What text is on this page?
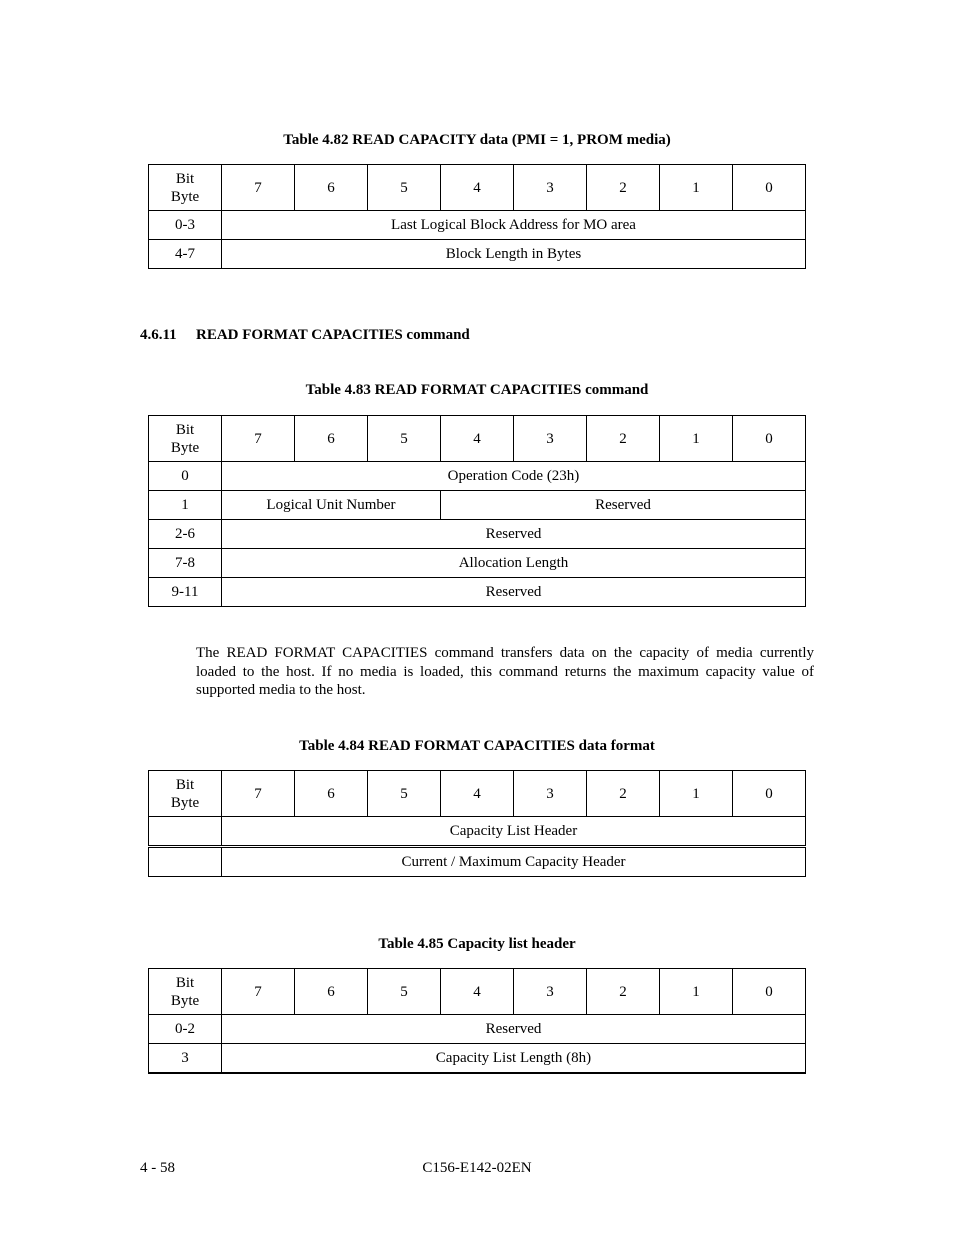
Table 4.82 READ CAPACITY data (PMI = 1, PROM media)
Bit
Byte	7	6	5	4	3	2	1	0
0-3	Last Logical Block Address for MO area							
4-7	Block Length in Bytes							
4.6.11 READ FORMAT CAPACITIES command
Table 4.83 READ FORMAT CAPACITIES command
Bit
Byte	7	6	5	4	3	2	1	0
0	Operation Code (23h)							
1	Logical Unit Number			Reserved				
2-6	Reserved							
7-8	Allocation Length							
9-11	Reserved							
The READ FORMAT CAPACITIES command transfers data on the capacity of media currently loaded to the host. If no media is loaded, this command returns the maximum capacity value of supported media to the host.
Table 4.84 READ FORMAT CAPACITIES data format
Bit
Byte	7	6	5	4	3	2	1	0
	Capacity List Header							
	Current / Maximum Capacity Header							
Table 4.85 Capacity list header
Bit
Byte	7	6	5	4	3	2	1	0
0-2	Reserved							
3	Capacity List Length (8h)							
4 - 58	C156-E142-02EN
